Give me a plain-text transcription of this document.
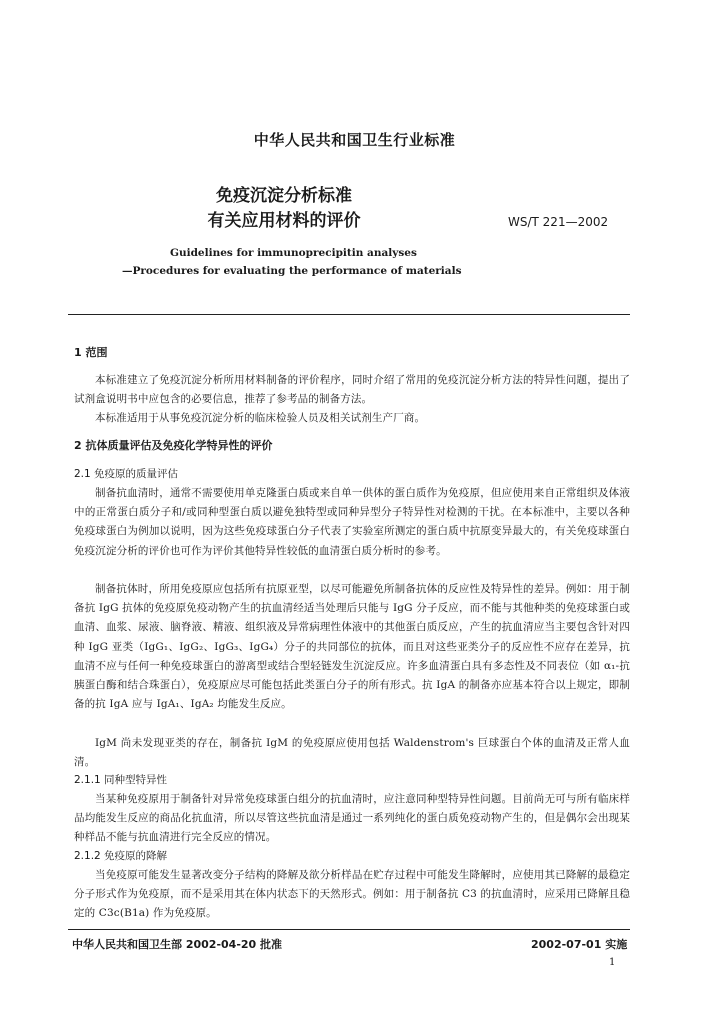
中华人民共和国卫生行业标准
免疫沉淀分析标准
有关应用材料的评价	WS/T 221—2002
Guidelines for immunoprecipitin analyses
—Procedures for evaluating the performance of materials
1 范围
本标准建立了免疫沉淀分析所用材料制备的评价程序，同时介绍了常用的免疫沉淀分析方法的特异性问题，提出了试剂盒说明书中应包含的必要信息，推荐了参考品的制备方法。
本标准适用于从事免疫沉淀分析的临床检验人员及相关试剂生产厂商。
2 抗体质量评估及免疫化学特异性的评价
2.1 免疫原的质量评估
制备抗血清时，通常不需要使用单克隆蛋白质或来自单一供体的蛋白质作为免疫原，但应使用来自正常组织及体液中的正常蛋白质分子和/或同种型蛋白质以避免独特型或同种异型分子特异性对检测的干扰。在本标准中，主要以各种免疫球蛋白为例加以说明，因为这些免疫球蛋白分子代表了实验室所测定的蛋白质中抗原变异最大的，有关免疫球蛋白免疫沉淀分析的评价也可作为评价其他特异性较低的血清蛋白质分析时的参考。
制备抗体时，所用免疫原应包括所有抗原亚型，以尽可能避免所制备抗体的反应性及特异性的差异。例如：用于制备抗 IgG 抗体的免疫原免疫动物产生的抗血清经适当处理后只能与 IgG 分子反应，而不能与其他种类的免疫球蛋白或血清、血浆、尿液、脑脊液、精液、组织液及异常病理性体液中的其他蛋白质反应，产生的抗血清应当主要包含针对四种 IgG 亚类（IgG₁、IgG₂、IgG₃、IgG₄）分子的共同部位的抗体，而且对这些亚类分子的反应性不应存在差异，抗血清不应与任何一种免疫球蛋白的游离型或结合型轻链发生沉淀反应。许多血清蛋白具有多态性及不同表位（如 α₁-抗胰蛋白酶和结合珠蛋白），免疫原应尽可能包括此类蛋白分子的所有形式。抗 IgA 的制备亦应基本符合以上规定，即制备的抗 IgA 应与 IgA₁、IgA₂ 均能发生反应。
IgM 尚未发现亚类的存在，制备抗 IgM 的免疫原应使用包括 Waldenstrom's 巨球蛋白个体的血清及正常人血清。
2.1.1 同种型特异性
当某种免疫原用于制备针对异常免疫球蛋白组分的抗血清时，应注意同种型特异性问题。目前尚无可与所有临床样品均能发生反应的商品化抗血清，所以尽管这些抗血清是通过一系列纯化的蛋白质免疫动物产生的，但是偶尔会出现某种样品不能与抗血清进行完全反应的情况。
2.1.2 免疫原的降解
当免疫原可能发生显著改变分子结构的降解及欲分析样品在贮存过程中可能发生降解时，应使用其已降解的最稳定分子形式作为免疫原，而不是采用其在体内状态下的天然形式。例如：用于制备抗 C3 的抗血清时，应采用已降解且稳定的 C3c(B1a) 作为免疫原。
中华人民共和国卫生部 2002-04-20 批准	2002-07-01 实施
1
